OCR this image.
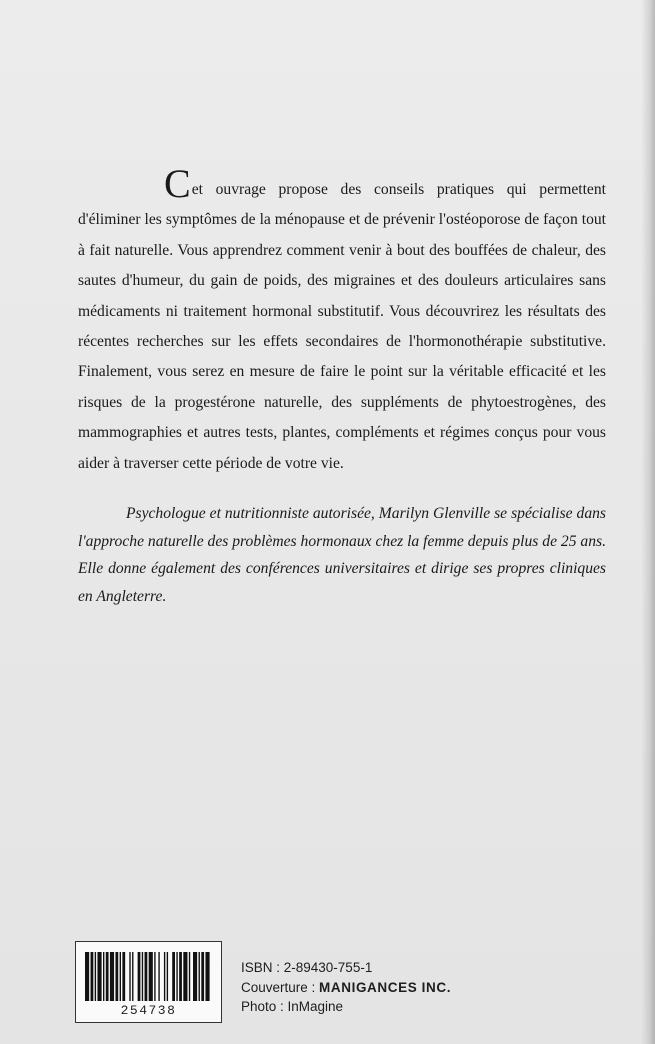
Cet ouvrage propose des conseils pratiques qui permettent d'éliminer les symptômes de la ménopause et de prévenir l'ostéoporose de façon tout à fait naturelle. Vous apprendrez comment venir à bout des bouffées de chaleur, des sautes d'humeur, du gain de poids, des migraines et des douleurs articulaires sans médicaments ni traitement hormonal substitutif. Vous découvrirez les résultats des récentes recherches sur les effets secondaires de l'hormonothérapie substitutive. Finalement, vous serez en mesure de faire le point sur la véritable efficacité et les risques de la progestérone naturelle, des suppléments de phytoestrogènes, des mammographies et autres tests, plantes, compléments et régimes conçus pour vous aider à traverser cette période de votre vie.
Psychologue et nutritionniste autorisée, Marilyn Glenville se spécialise dans l'approche naturelle des problèmes hormonaux chez la femme depuis plus de 25 ans. Elle donne également des conférences universitaires et dirige ses propres cliniques en Angleterre.
254738
ISBN : 2-89430-755-1
Couverture : MANIGANCES INC.
Photo : InMagine
